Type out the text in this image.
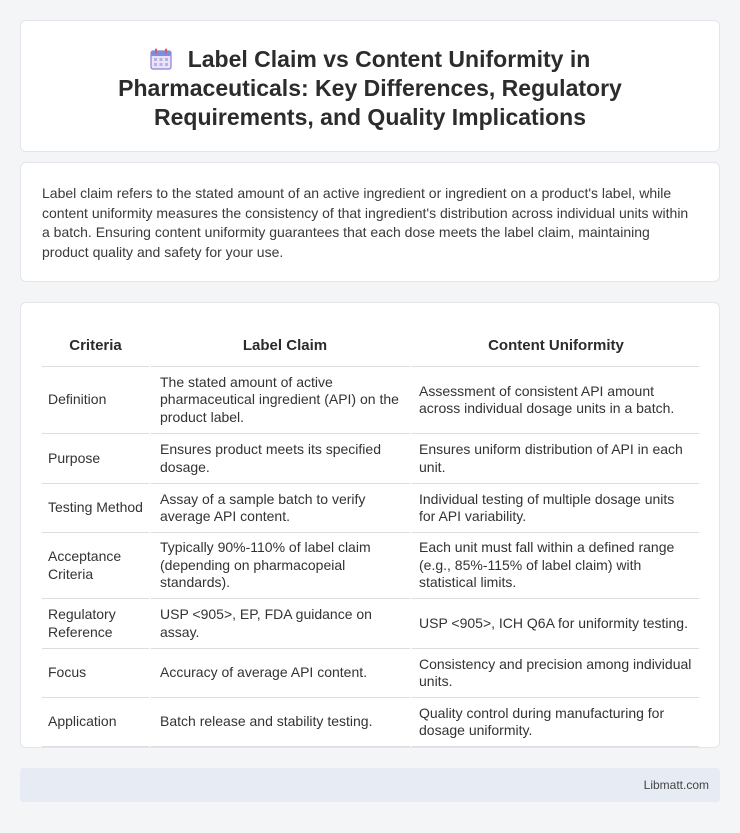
Label Claim vs Content Uniformity in Pharmaceuticals: Key Differences, Regulatory Requirements, and Quality Implications

Label claim refers to the stated amount of an active ingredient or ingredient on a product's label, while content uniformity measures the consistency of that ingredient's distribution across individual units within a batch. Ensuring content uniformity guarantees that each dose meets the label claim, maintaining product quality and safety for your use.

Criteria	Label Claim	Content Uniformity
Definition	The stated amount of active pharmaceutical ingredient (API) on the product label.	Assessment of consistent API amount across individual dosage units in a batch.
Purpose	Ensures product meets its specified dosage.	Ensures uniform distribution of API in each unit.
Testing Method	Assay of a sample batch to verify average API content.	Individual testing of multiple dosage units for API variability.
Acceptance Criteria	Typically 90%-110% of label claim (depending on pharmacopeial standards).	Each unit must fall within a defined range (e.g., 85%-115% of label claim) with statistical limits.
Regulatory Reference	USP <905>, EP, FDA guidance on assay.	USP <905>, ICH Q6A for uniformity testing.
Focus	Accuracy of average API content.	Consistency and precision among individual units.
Application	Batch release and stability testing.	Quality control during manufacturing for dosage uniformity.
Libmatt.com
